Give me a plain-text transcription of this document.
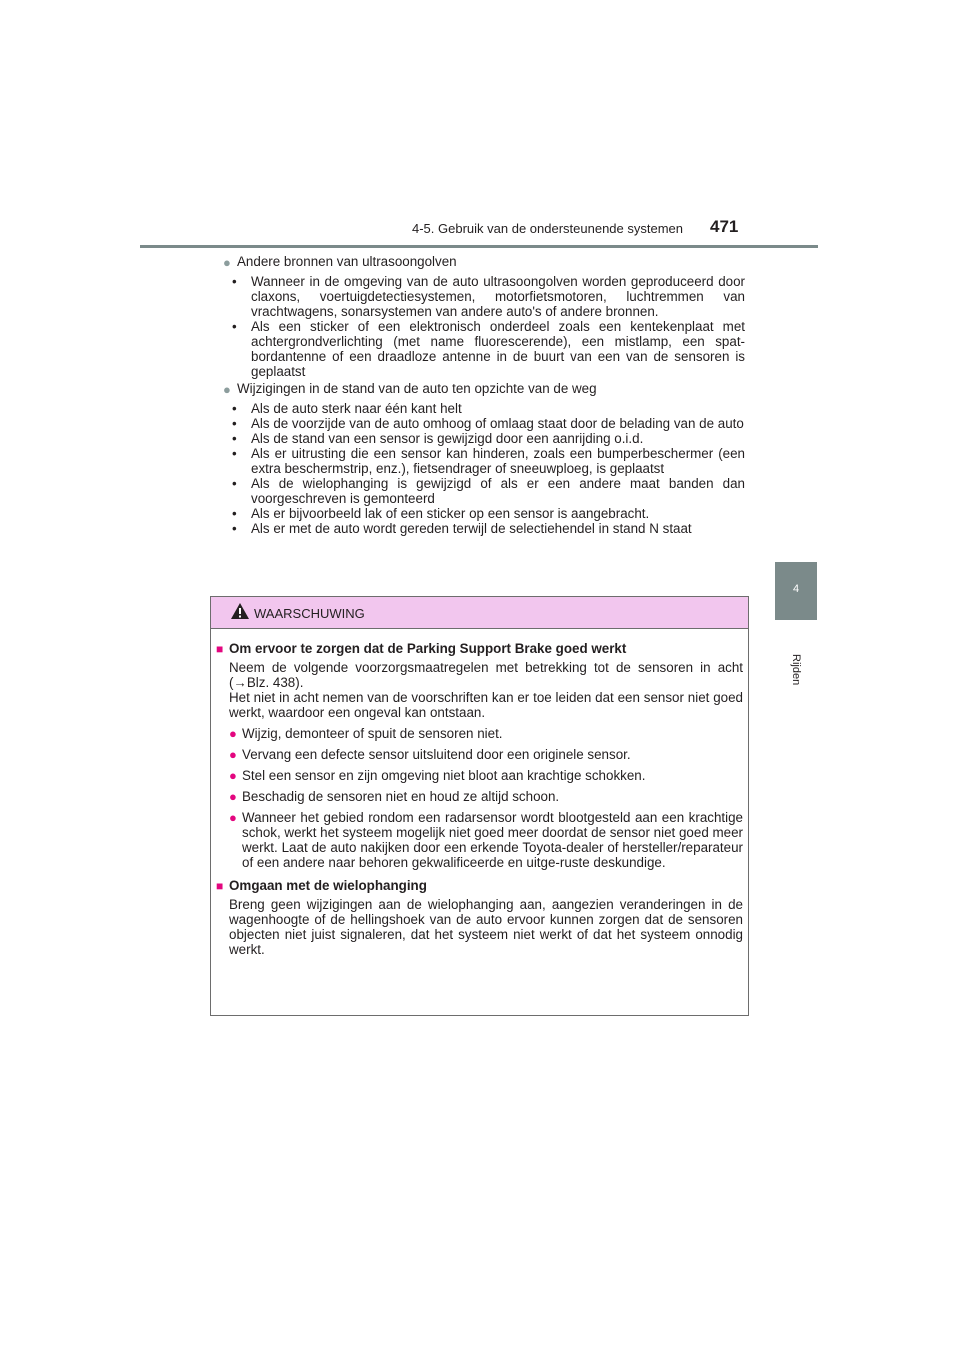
4-5. Gebruik van de ondersteunende systemen 471
4
Rijden
● Andere bronnen van ultrasoongolven
• Wanneer in de omgeving van de auto ultrasoongolven worden geproduceerd door claxons, voertuigdetectiesystemen, motorfietsmotoren, luchtremmen van vrachtwagens, sonarsystemen van andere auto's of andere bronnen.
• Als een sticker of een elektronisch onderdeel zoals een kentekenplaat met achtergrondverlichting (met name fluorescerende), een mistlamp, een spat-bordantenne of een draadloze antenne in de buurt van een van de sensoren is geplaatst
● Wijzigingen in de stand van de auto ten opzichte van de weg
• Als de auto sterk naar één kant helt
• Als de voorzijde van de auto omhoog of omlaag staat door de belading van de auto
• Als de stand van een sensor is gewijzigd door een aanrijding o.i.d.
• Als er uitrusting die een sensor kan hinderen, zoals een bumperbeschermer (een extra beschermstrip, enz.), fietsendrager of sneeuwploeg, is geplaatst
• Als de wielophanging is gewijzigd of als er een andere maat banden dan voorgeschreven is gemonteerd
• Als er bijvoorbeeld lak of een sticker op een sensor is aangebracht.
• Als er met de auto wordt gereden terwijl de selectiehendel in stand N staat
WAARSCHUWING
■ Om ervoor te zorgen dat de Parking Support Brake goed werkt
Neem de volgende voorzorgsmaatregelen met betrekking tot de sensoren in acht (→Blz. 438).
Het niet in acht nemen van de voorschriften kan er toe leiden dat een sensor niet goed werkt, waardoor een ongeval kan ontstaan.
● Wijzig, demonteer of spuit de sensoren niet.
● Vervang een defecte sensor uitsluitend door een originele sensor.
● Stel een sensor en zijn omgeving niet bloot aan krachtige schokken.
● Beschadig de sensoren niet en houd ze altijd schoon.
● Wanneer het gebied rondom een radarsensor wordt blootgesteld aan een krachtige schok, werkt het systeem mogelijk niet goed meer doordat de sensor niet goed meer werkt. Laat de auto nakijken door een erkende Toyota-dealer of hersteller/reparateur of een andere naar behoren gekwalificeerde en uitge-ruste deskundige.
■ Omgaan met de wielophanging
Breng geen wijzigingen aan de wielophanging aan, aangezien veranderingen in de wagenhoogte of de hellingshoek van de auto ervoor kunnen zorgen dat de sensoren objecten niet juist signaleren, dat het systeem niet werkt of dat het systeem onnodig werkt.
